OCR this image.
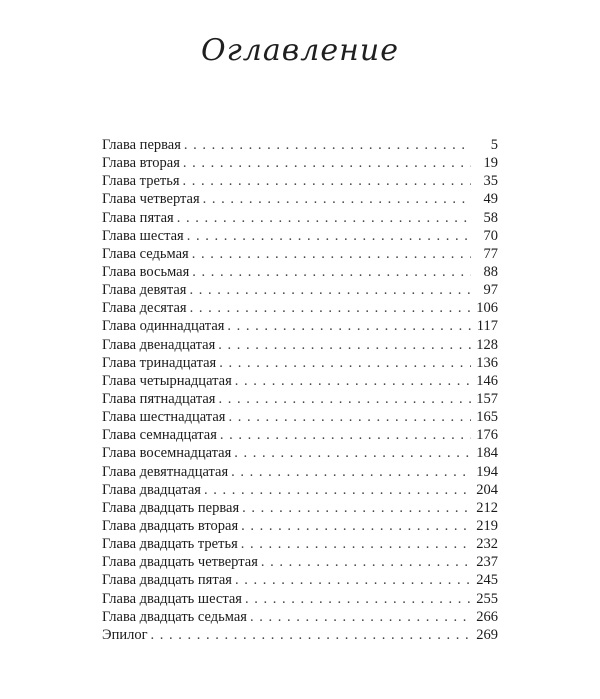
Оглавление
Глава первая . . .	5
Глава вторая . . .	19
Глава третья . . .	35
Глава четвертая . . .	49
Глава пятая . . .	58
Глава шестая . . .	70
Глава седьмая . . .	77
Глава восьмая . . .	88
Глава девятая . . .	97
Глава десятая . . .	106
Глава одиннадцатая . . .	117
Глава двенадцатая . . .	128
Глава тринадцатая . . .	136
Глава четырнадцатая . . .	146
Глава пятнадцатая . . .	157
Глава шестнадцатая . . .	165
Глава семнадцатая . . .	176
Глава восемнадцатая . . .	184
Глава девятнадцатая . . .	194
Глава двадцатая . . .	204
Глава двадцать первая . . .	212
Глава двадцать вторая . . .	219
Глава двадцать третья . . .	232
Глава двадцать четвертая . . .	237
Глава двадцать пятая . . .	245
Глава двадцать шестая . . .	255
Глава двадцать седьмая . . .	266
Эпилог . . .	269
